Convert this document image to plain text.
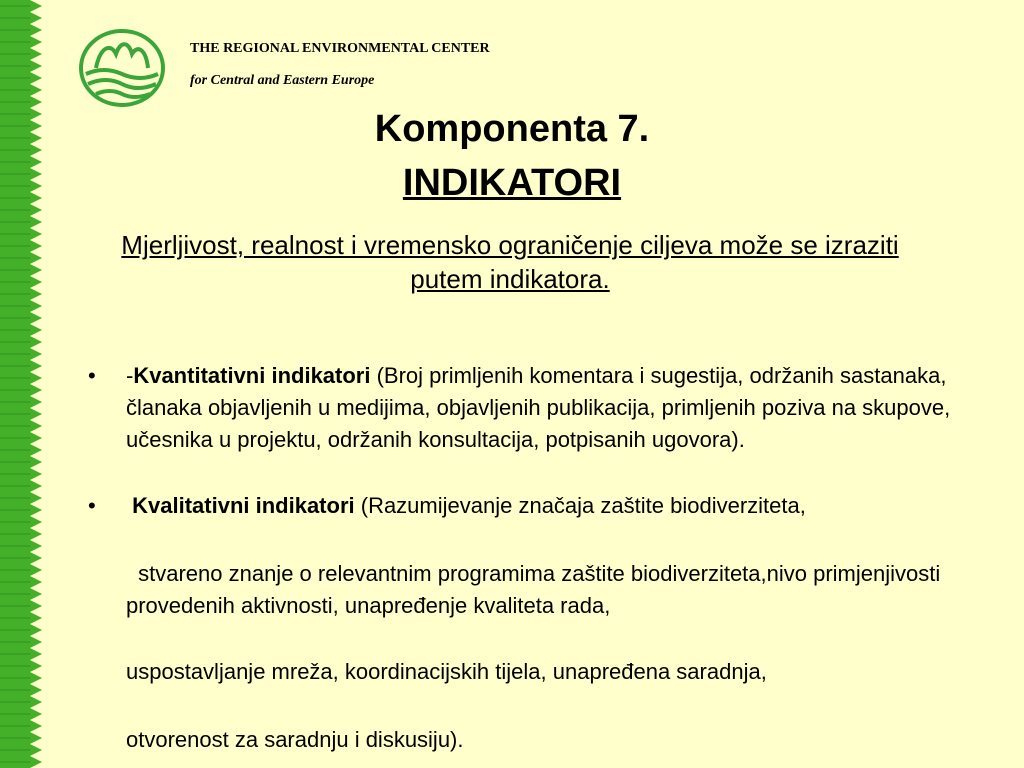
THE REGIONAL ENVIRONMENTAL CENTER
for Central and Eastern Europe
Komponenta 7.
INDIKATORI
Mjerljivost, realnost i vremensko ograničenje ciljeva može se izraziti putem indikatora.
• -Kvantitativni indikatori (Broj primljenih komentara i sugestija, održanih sastanaka, članaka objavljenih u medijima, objavljenih publikacija, primljenih poziva na skupove, učesnika u projektu, održanih konsultacija, potpisanih ugovora).
• Kvalitativni indikatori (Razumijevanje značaja zaštite biodiverziteta,
stvareno znanje o relevantnim programima zaštite biodiverziteta,nivo primjenjivosti provedenih aktivnosti, unapređenje kvaliteta rada,
uspostavljanje mreža, koordinacijskih tijela, unapređena saradnja,
otvorenost za saradnju i diskusiju).
